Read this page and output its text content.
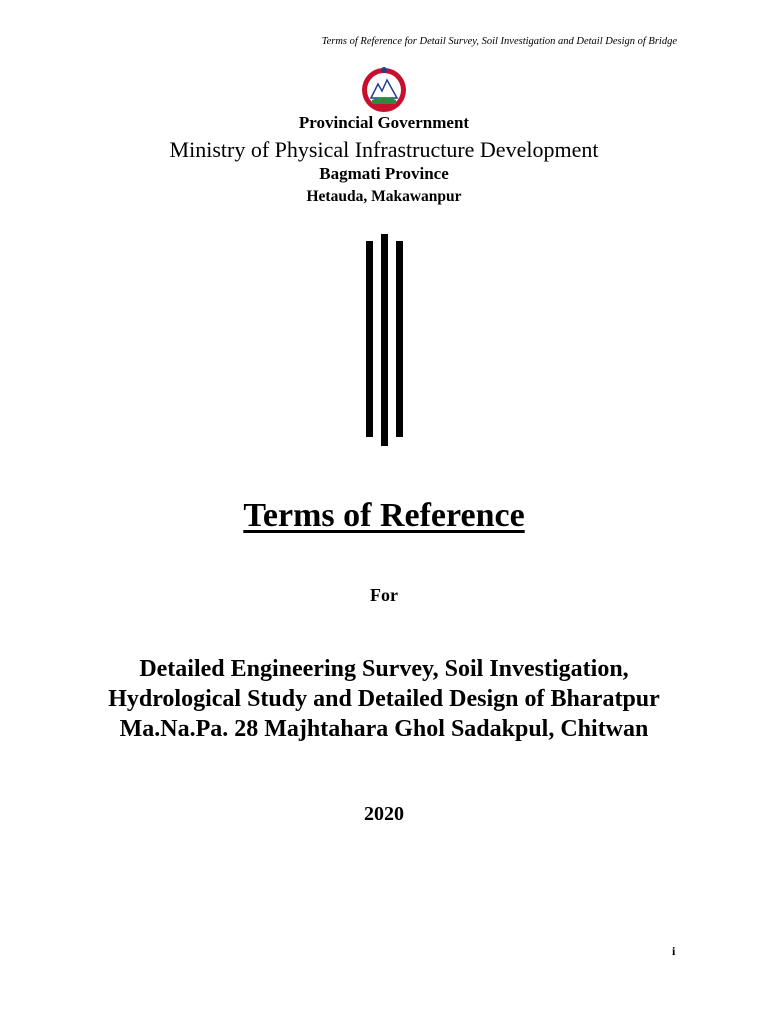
Terms of Reference for Detail Survey, Soil Investigation and Detail Design of Bridge
Provincial Government
Ministry of Physical Infrastructure Development
Bagmati Province
Hetauda, Makawanpur
Terms of Reference
For
Detailed Engineering Survey, Soil Investigation,
Hydrological Study and Detailed Design of Bharatpur
Ma.Na.Pa. 28 Majhtahara Ghol Sadakpul, Chitwan
2020
i
